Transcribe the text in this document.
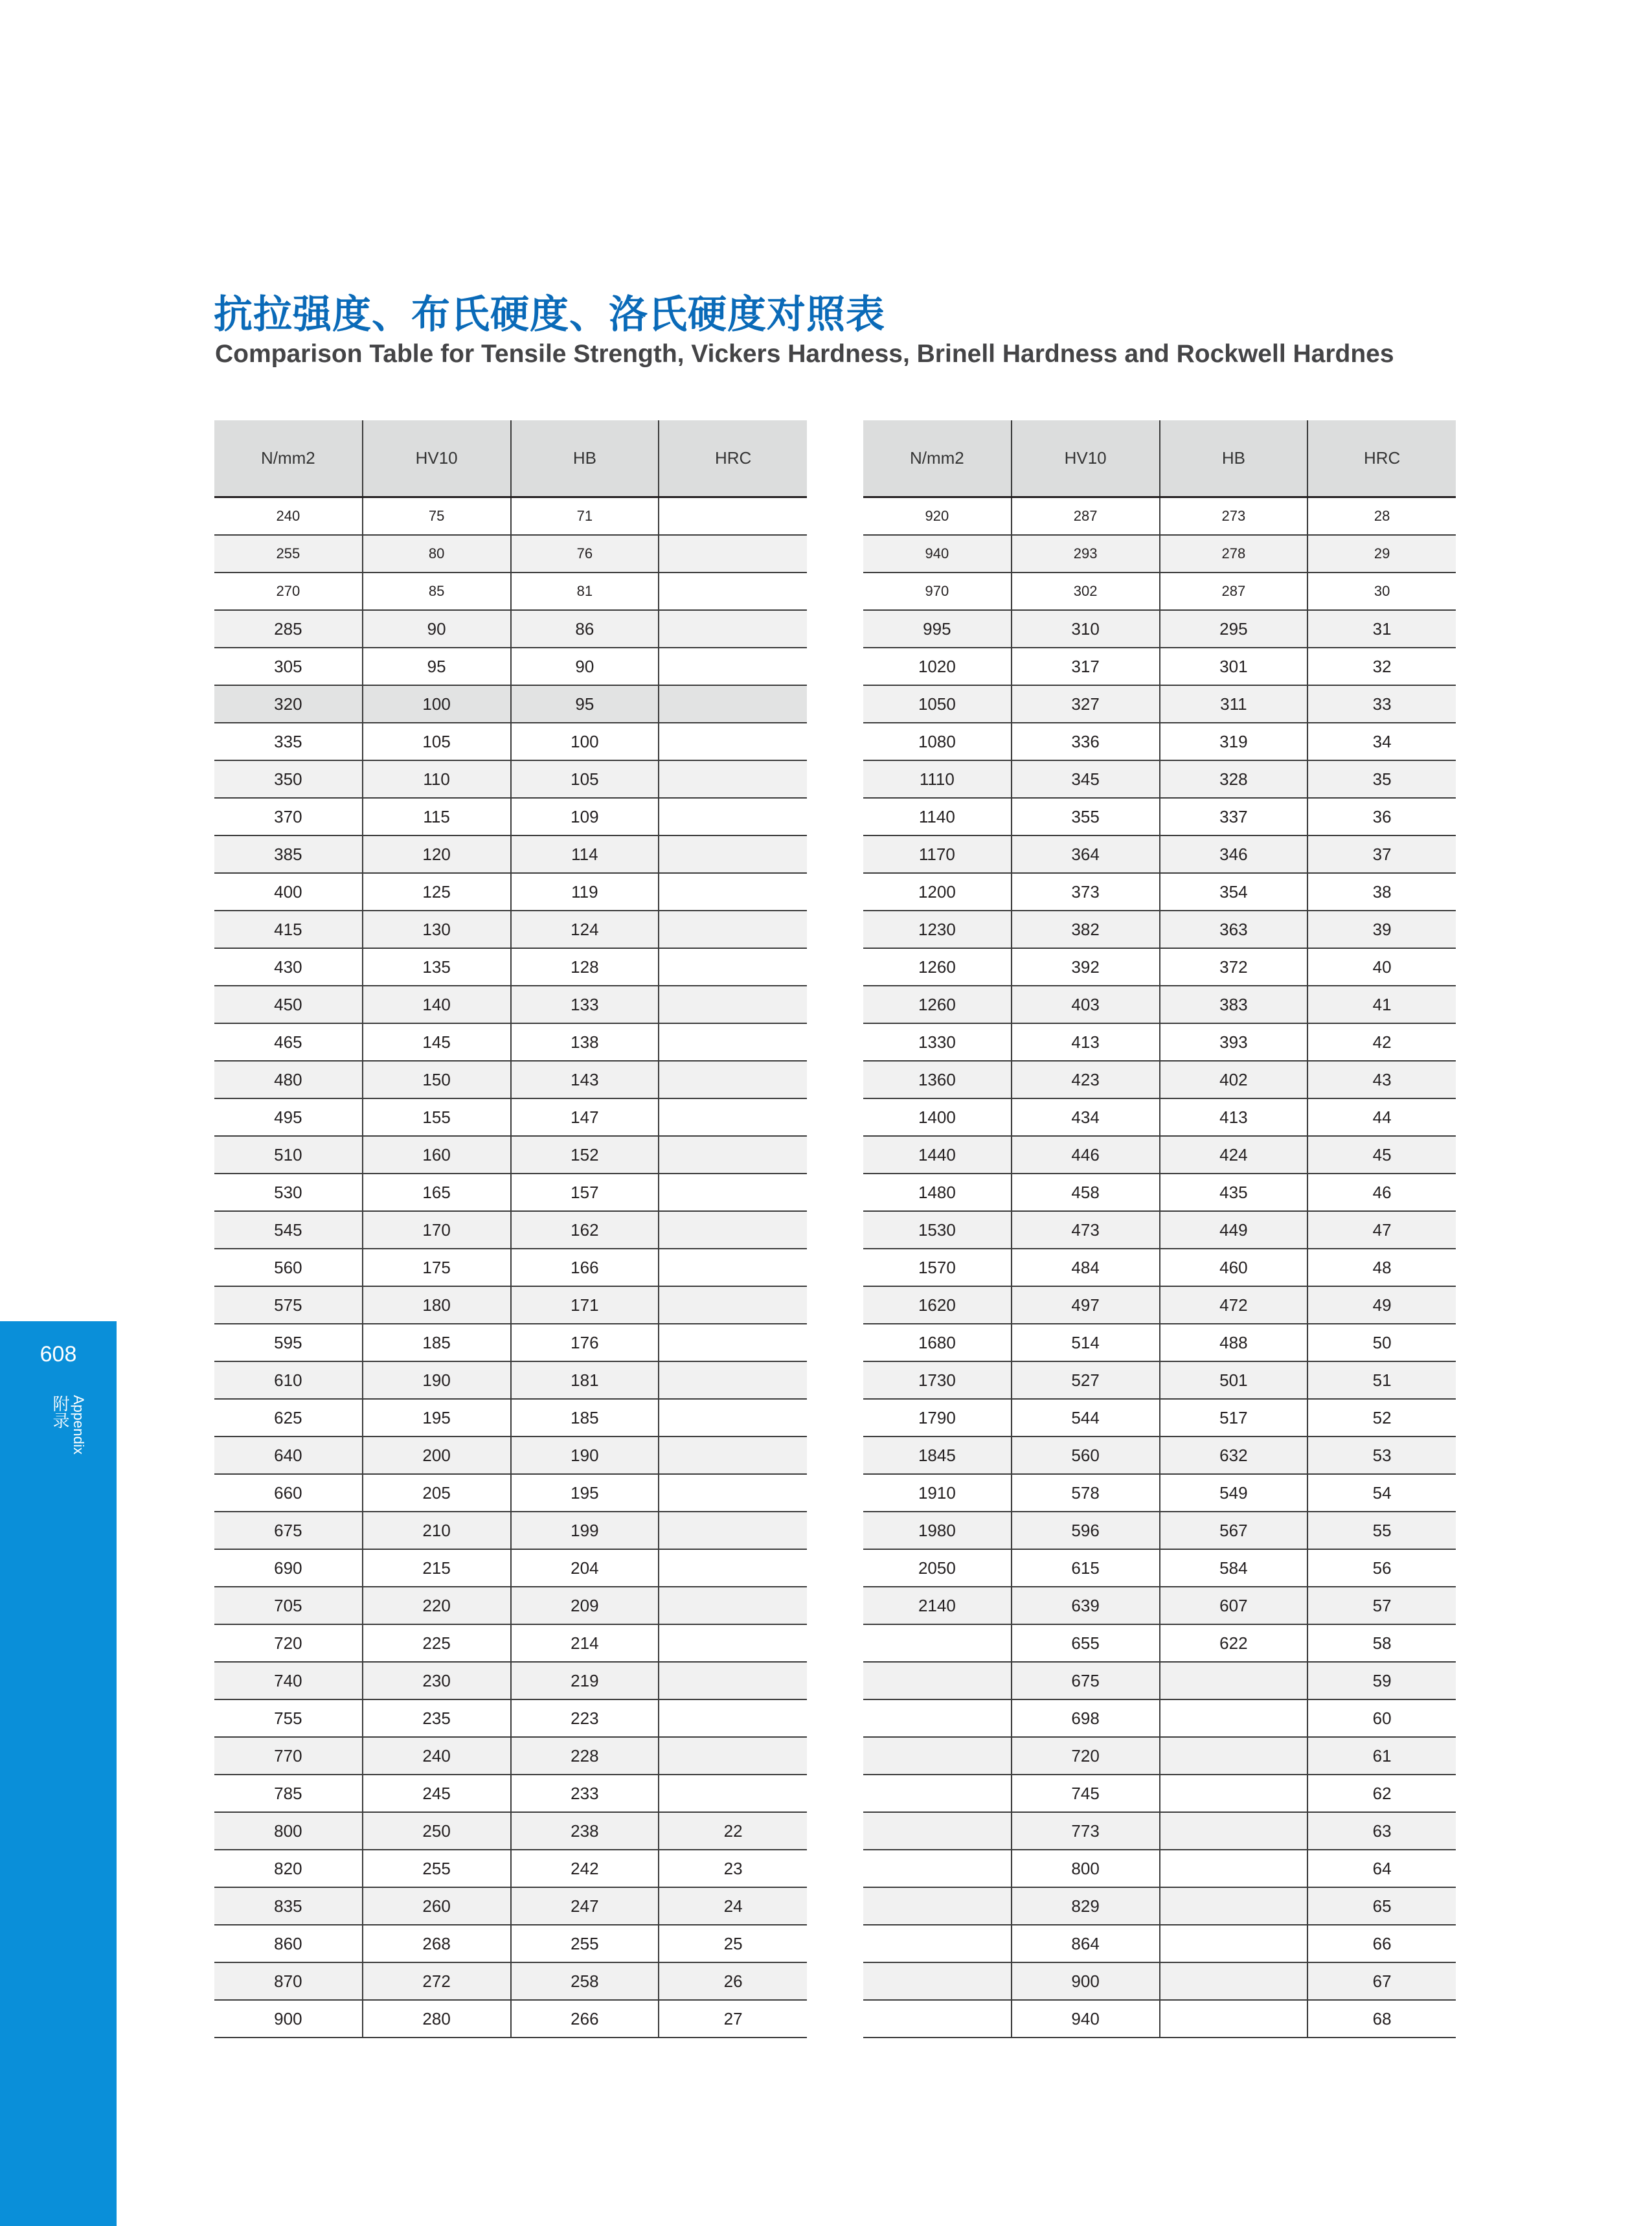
抗拉强度、布氏硬度、洛氏硬度对照表
Comparison Table for Tensile Strength, Vickers Hardness, Brinell Hardness and Rockwell Hardnes
N/mm2	HV10	HB	HRC
240	75	71	
255	80	76	
270	85	81	
285	90	86	
305	95	90	
320	100	95	
335	105	100	
350	110	105	
370	115	109	
385	120	114	
400	125	119	
415	130	124	
430	135	128	
450	140	133	
465	145	138	
480	150	143	
495	155	147	
510	160	152	
530	165	157	
545	170	162	
560	175	166	
575	180	171	
595	185	176	
610	190	181	
625	195	185	
640	200	190	
660	205	195	
675	210	199	
690	215	204	
705	220	209	
720	225	214	
740	230	219	
755	235	223	
770	240	228	
785	245	233	
800	250	238	22
820	255	242	23
835	260	247	24
860	268	255	25
870	272	258	26
900	280	266	27
N/mm2	HV10	HB	HRC
920	287	273	28
940	293	278	29
970	302	287	30
995	310	295	31
1020	317	301	32
1050	327	311	33
1080	336	319	34
1110	345	328	35
1140	355	337	36
1170	364	346	37
1200	373	354	38
1230	382	363	39
1260	392	372	40
1260	403	383	41
1330	413	393	42
1360	423	402	43
1400	434	413	44
1440	446	424	45
1480	458	435	46
1530	473	449	47
1570	484	460	48
1620	497	472	49
1680	514	488	50
1730	527	501	51
1790	544	517	52
1845	560	632	53
1910	578	549	54
1980	596	567	55
2050	615	584	56
2140	639	607	57
	655	622	58
	675		59
	698		60
	720		61
	745		62
	773		63
	800		64
	829		65
	864		66
	900		67
	940		68
608
附录 Appendix
